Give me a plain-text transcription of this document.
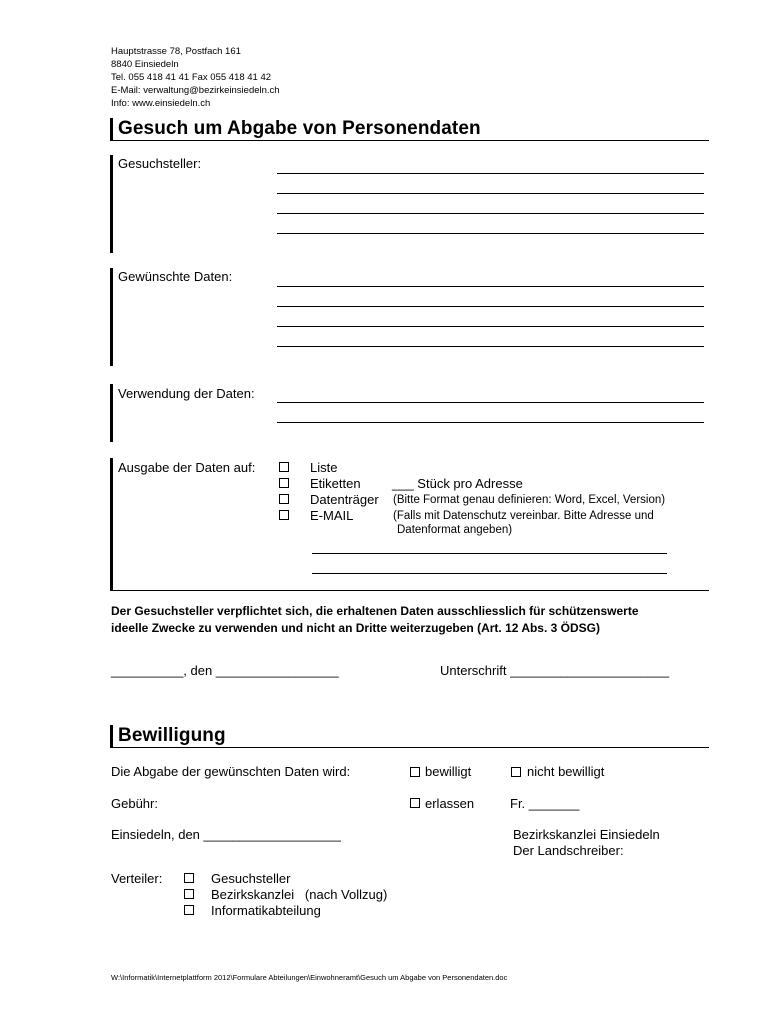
Hauptstrasse 78, Postfach 161
8840 Einsiedeln
Tel. 055 418 41 41 Fax 055 418 41 42
E-Mail: verwaltung@bezirkeinsiedeln.ch
Info: www.einsiedeln.ch
Gesuch um Abgabe von Personendaten
Gesuchsteller:
Gewünschte Daten:
Verwendung der Daten:
Ausgabe der Daten auf:	Liste
Etiketten ___ Stück pro Adresse
Datenträger (Bitte Format genau definieren: Word, Excel, Version)
E-MAIL	(Falls mit Datenschutz vereinbar. Bitte Adresse und
Datenformat angeben)
Der Gesuchsteller verpflichtet sich, die erhaltenen Daten ausschliesslich für schützenswerte
ideelle Zwecke zu verwenden und nicht an Dritte weiterzugeben (Art. 12 Abs. 3 ÖDSG)
__________, den _________________	Unterschrift ______________________
Bewilligung
Die Abgabe der gewünschten Daten wird:	bewilligt	nicht bewilligt
Gebühr:	erlassen	Fr. _______
Einsiedeln, den ___________________	Bezirkskanzlei Einsiedeln
Der Landschreiber:
Verteiler:	Gesuchsteller
Bezirkskanzlei   (nach Vollzug)
Informatikabteilung
W:\Informatik\Internetplattform 2012\Formulare Abteilungen\Einwohneramt\Gesuch um Abgabe von Personendaten.doc
